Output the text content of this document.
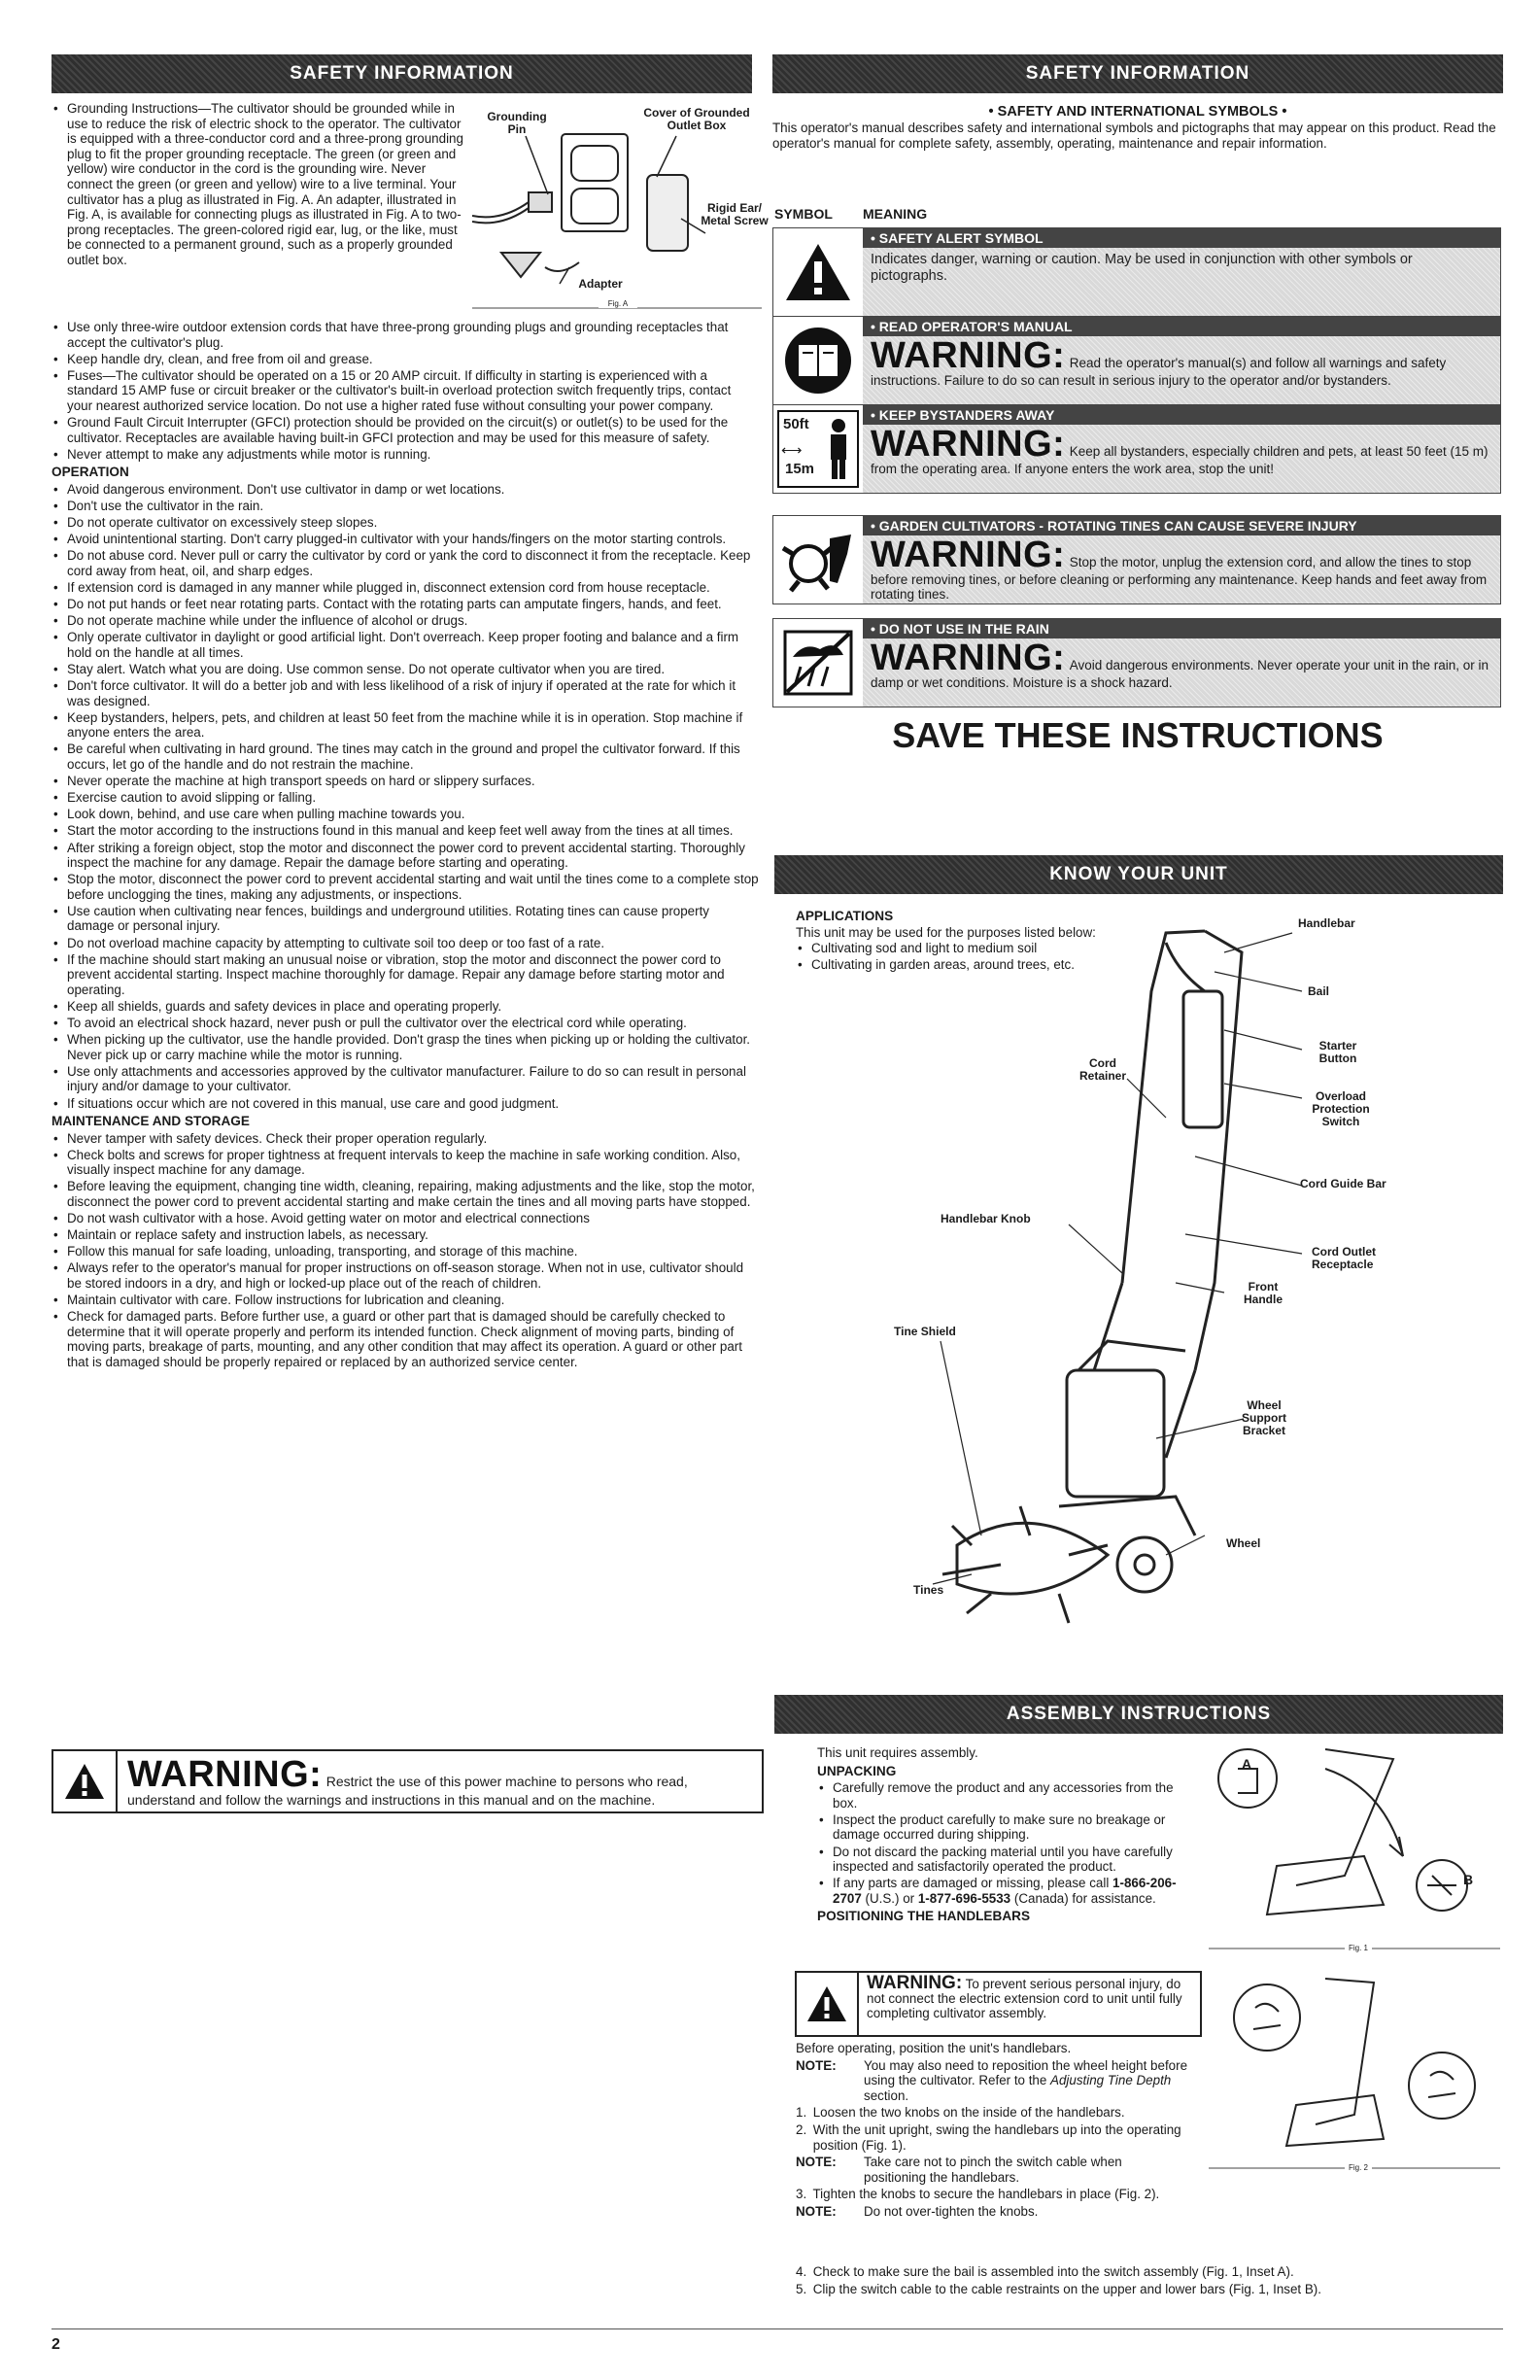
SAFETY INFORMATION
• Grounding Instructions—The cultivator should be grounded while in use to reduce the risk of electric shock to the operator. The cultivator is equipped with a three-conductor cord and a three-prong grounding plug to fit the proper grounding receptacle. The green (or green and yellow) wire conductor in the cord is the grounding wire. Never connect the green (or green and yellow) wire to a live terminal. Your cultivator has a plug as illustrated in Fig. A. An adapter, illustrated in Fig. A, is available for connecting plugs as illustrated in Fig. A to two-prong receptacles. The green-colored rigid ear, lug, or the like, must be connected to a permanent ground, such as a properly grounded outlet box.
Grounding Pin
Cover of Grounded Outlet Box
Rigid Ear/ Metal Screw
Adapter
Fig. A
• Use only three-wire outdoor extension cords that have three-prong grounding plugs and grounding receptacles that accept the cultivator's plug.
• Keep handle dry, clean, and free from oil and grease.
• Fuses—The cultivator should be operated on a 15 or 20 AMP circuit. If difficulty in starting is experienced with a standard 15 AMP fuse or circuit breaker or the cultivator's built-in overload protection switch frequently trips, contact your nearest authorized service location. Do not use a higher rated fuse without consulting your power company.
• Ground Fault Circuit Interrupter (GFCI) protection should be provided on the circuit(s) or outlet(s) to be used for the cultivator. Receptacles are available having built-in GFCI protection and may be used for this measure of safety.
• Never attempt to make any adjustments while motor is running.
OPERATION
• Avoid dangerous environment. Don't use cultivator in damp or wet locations.
• Don't use the cultivator in the rain.
• Do not operate cultivator on excessively steep slopes.
• Avoid unintentional starting. Don't carry plugged-in cultivator with your hands/fingers on the motor starting controls.
• Do not abuse cord. Never pull or carry the cultivator by cord or yank the cord to disconnect it from the receptacle. Keep cord away from heat, oil, and sharp edges.
• If extension cord is damaged in any manner while plugged in, disconnect extension cord from house receptacle.
• Do not put hands or feet near rotating parts. Contact with the rotating parts can amputate fingers, hands, and feet.
• Do not operate machine while under the influence of alcohol or drugs.
• Only operate cultivator in daylight or good artificial light. Don't overreach. Keep proper footing and balance and a firm hold on the handle at all times.
• Stay alert. Watch what you are doing. Use common sense. Do not operate cultivator when you are tired.
• Don't force cultivator. It will do a better job and with less likelihood of a risk of injury if operated at the rate for which it was designed.
• Keep bystanders, helpers, pets, and children at least 50 feet from the machine while it is in operation. Stop machine if anyone enters the area.
• Be careful when cultivating in hard ground. The tines may catch in the ground and propel the cultivator forward. If this occurs, let go of the handle and do not restrain the machine.
• Never operate the machine at high transport speeds on hard or slippery surfaces.
• Exercise caution to avoid slipping or falling.
• Look down, behind, and use care when pulling machine towards you.
• Start the motor according to the instructions found in this manual and keep feet well away from the tines at all times.
• After striking a foreign object, stop the motor and disconnect the power cord to prevent accidental starting. Thoroughly inspect the machine for any damage. Repair the damage before starting and operating.
• Stop the motor, disconnect the power cord to prevent accidental starting and wait until the tines come to a complete stop before unclogging the tines, making any adjustments, or inspections.
• Use caution when cultivating near fences, buildings and underground utilities. Rotating tines can cause property damage or personal injury.
• Do not overload machine capacity by attempting to cultivate soil too deep or too fast of a rate.
• If the machine should start making an unusual noise or vibration, stop the motor and disconnect the power cord to prevent accidental starting. Inspect machine thoroughly for damage. Repair any damage before starting motor and operating.
• Keep all shields, guards and safety devices in place and operating properly.
• To avoid an electrical shock hazard, never push or pull the cultivator over the electrical cord while operating.
• When picking up the cultivator, use the handle provided. Don't grasp the tines when picking up or holding the cultivator. Never pick up or carry machine while the motor is running.
• Use only attachments and accessories approved by the cultivator manufacturer. Failure to do so can result in personal injury and/or damage to your cultivator.
• If situations occur which are not covered in this manual, use care and good judgment.
MAINTENANCE AND STORAGE
• Never tamper with safety devices. Check their proper operation regularly.
• Check bolts and screws for proper tightness at frequent intervals to keep the machine in safe working condition. Also, visually inspect machine for any damage.
• Before leaving the equipment, changing tine width, cleaning, repairing, making adjustments and the like, stop the motor, disconnect the power cord to prevent accidental starting and make certain the tines and all moving parts have stopped.
• Do not wash cultivator with a hose. Avoid getting water on motor and electrical connections
• Maintain or replace safety and instruction labels, as necessary.
• Follow this manual for safe loading, unloading, transporting, and storage of this machine.
• Always refer to the operator's manual for proper instructions on off-season storage. When not in use, cultivator should be stored indoors in a dry, and high or locked-up place out of the reach of children.
• Maintain cultivator with care. Follow instructions for lubrication and cleaning.
• Check for damaged parts. Before further use, a guard or other part that is damaged should be carefully checked to determine that it will operate properly and perform its intended function. Check alignment of moving parts, binding of moving parts, breakage of parts, mounting, and any other condition that may affect its operation. A guard or other part that is damaged should be properly repaired or replaced by an authorized service center.
WARNING: Restrict the use of this power machine to persons who read, understand and follow the warnings and instructions in this manual and on the machine.
SAFETY INFORMATION
• SAFETY AND INTERNATIONAL SYMBOLS •
This operator's manual describes safety and international symbols and pictographs that may appear on this product. Read the operator's manual for complete safety, assembly, operating, maintenance and repair information.
SYMBOL MEANING
• SAFETY ALERT SYMBOL
Indicates danger, warning or caution. May be used in conjunction with other symbols or pictographs.
• READ OPERATOR'S MANUAL
WARNING: Read the operator's manual(s) and follow all warnings and safety instructions. Failure to do so can result in serious injury to the operator and/or bystanders.
50ft
15m
⟷
• KEEP BYSTANDERS AWAY
WARNING: Keep all bystanders, especially children and pets, at least 50 feet (15 m) from the operating area. If anyone enters the work area, stop the unit!
• GARDEN CULTIVATORS - ROTATING TINES CAN CAUSE SEVERE INJURY
WARNING: Stop the motor, unplug the extension cord, and allow the tines to stop before removing tines, or before cleaning or performing any maintenance. Keep hands and feet away from rotating tines.
• DO NOT USE IN THE RAIN
WARNING: Avoid dangerous environments. Never operate your unit in the rain, or in damp or wet conditions. Moisture is a shock hazard.
SAVE THESE INSTRUCTIONS
KNOW YOUR UNIT
APPLICATIONS
This unit may be used for the purposes listed below:
• Cultivating sod and light to medium soil
• Cultivating in garden areas, around trees, etc.
Handlebar
Bail
Starter Button
Overload Protection Switch
Cord Retainer
Cord Guide Bar
Handlebar Knob
Cord Outlet Receptacle
Front Handle
Tine Shield
Wheel Support Bracket
Wheel
Tines
ASSEMBLY INSTRUCTIONS
This unit requires assembly.
UNPACKING
• Carefully remove the product and any accessories from the box.
• Inspect the product carefully to make sure no breakage or damage occurred during shipping.
• Do not discard the packing material until you have carefully inspected and satisfactorily operated the product.
• If any parts are damaged or missing, please call 1-866-206-2707 (U.S.) or 1-877-696-5533 (Canada) for assistance.
POSITIONING THE HANDLEBARS
A
B
Fig. 1
WARNING: To prevent serious personal injury, do not connect the electric extension cord to unit until fully completing cultivator assembly.
Fig. 2
Before operating, position the unit's handlebars.
NOTE: You may also need to reposition the wheel height before using the cultivator. Refer to the Adjusting Tine Depth section.
1. Loosen the two knobs on the inside of the handlebars.
2.
With the unit upright, swing the handlebars up into the operating position (Fig. 1).
NOTE: Take care not to pinch the switch cable when positioning the handlebars.
3. Tighten the knobs to secure the handlebars in place (Fig. 2).
NOTE: Do not over-tighten the knobs.
4. Check to make sure the bail is assembled into the switch assembly (Fig. 1, Inset A).
5. Clip the switch cable to the cable restraints on the upper and lower bars (Fig. 1, Inset B).
2
